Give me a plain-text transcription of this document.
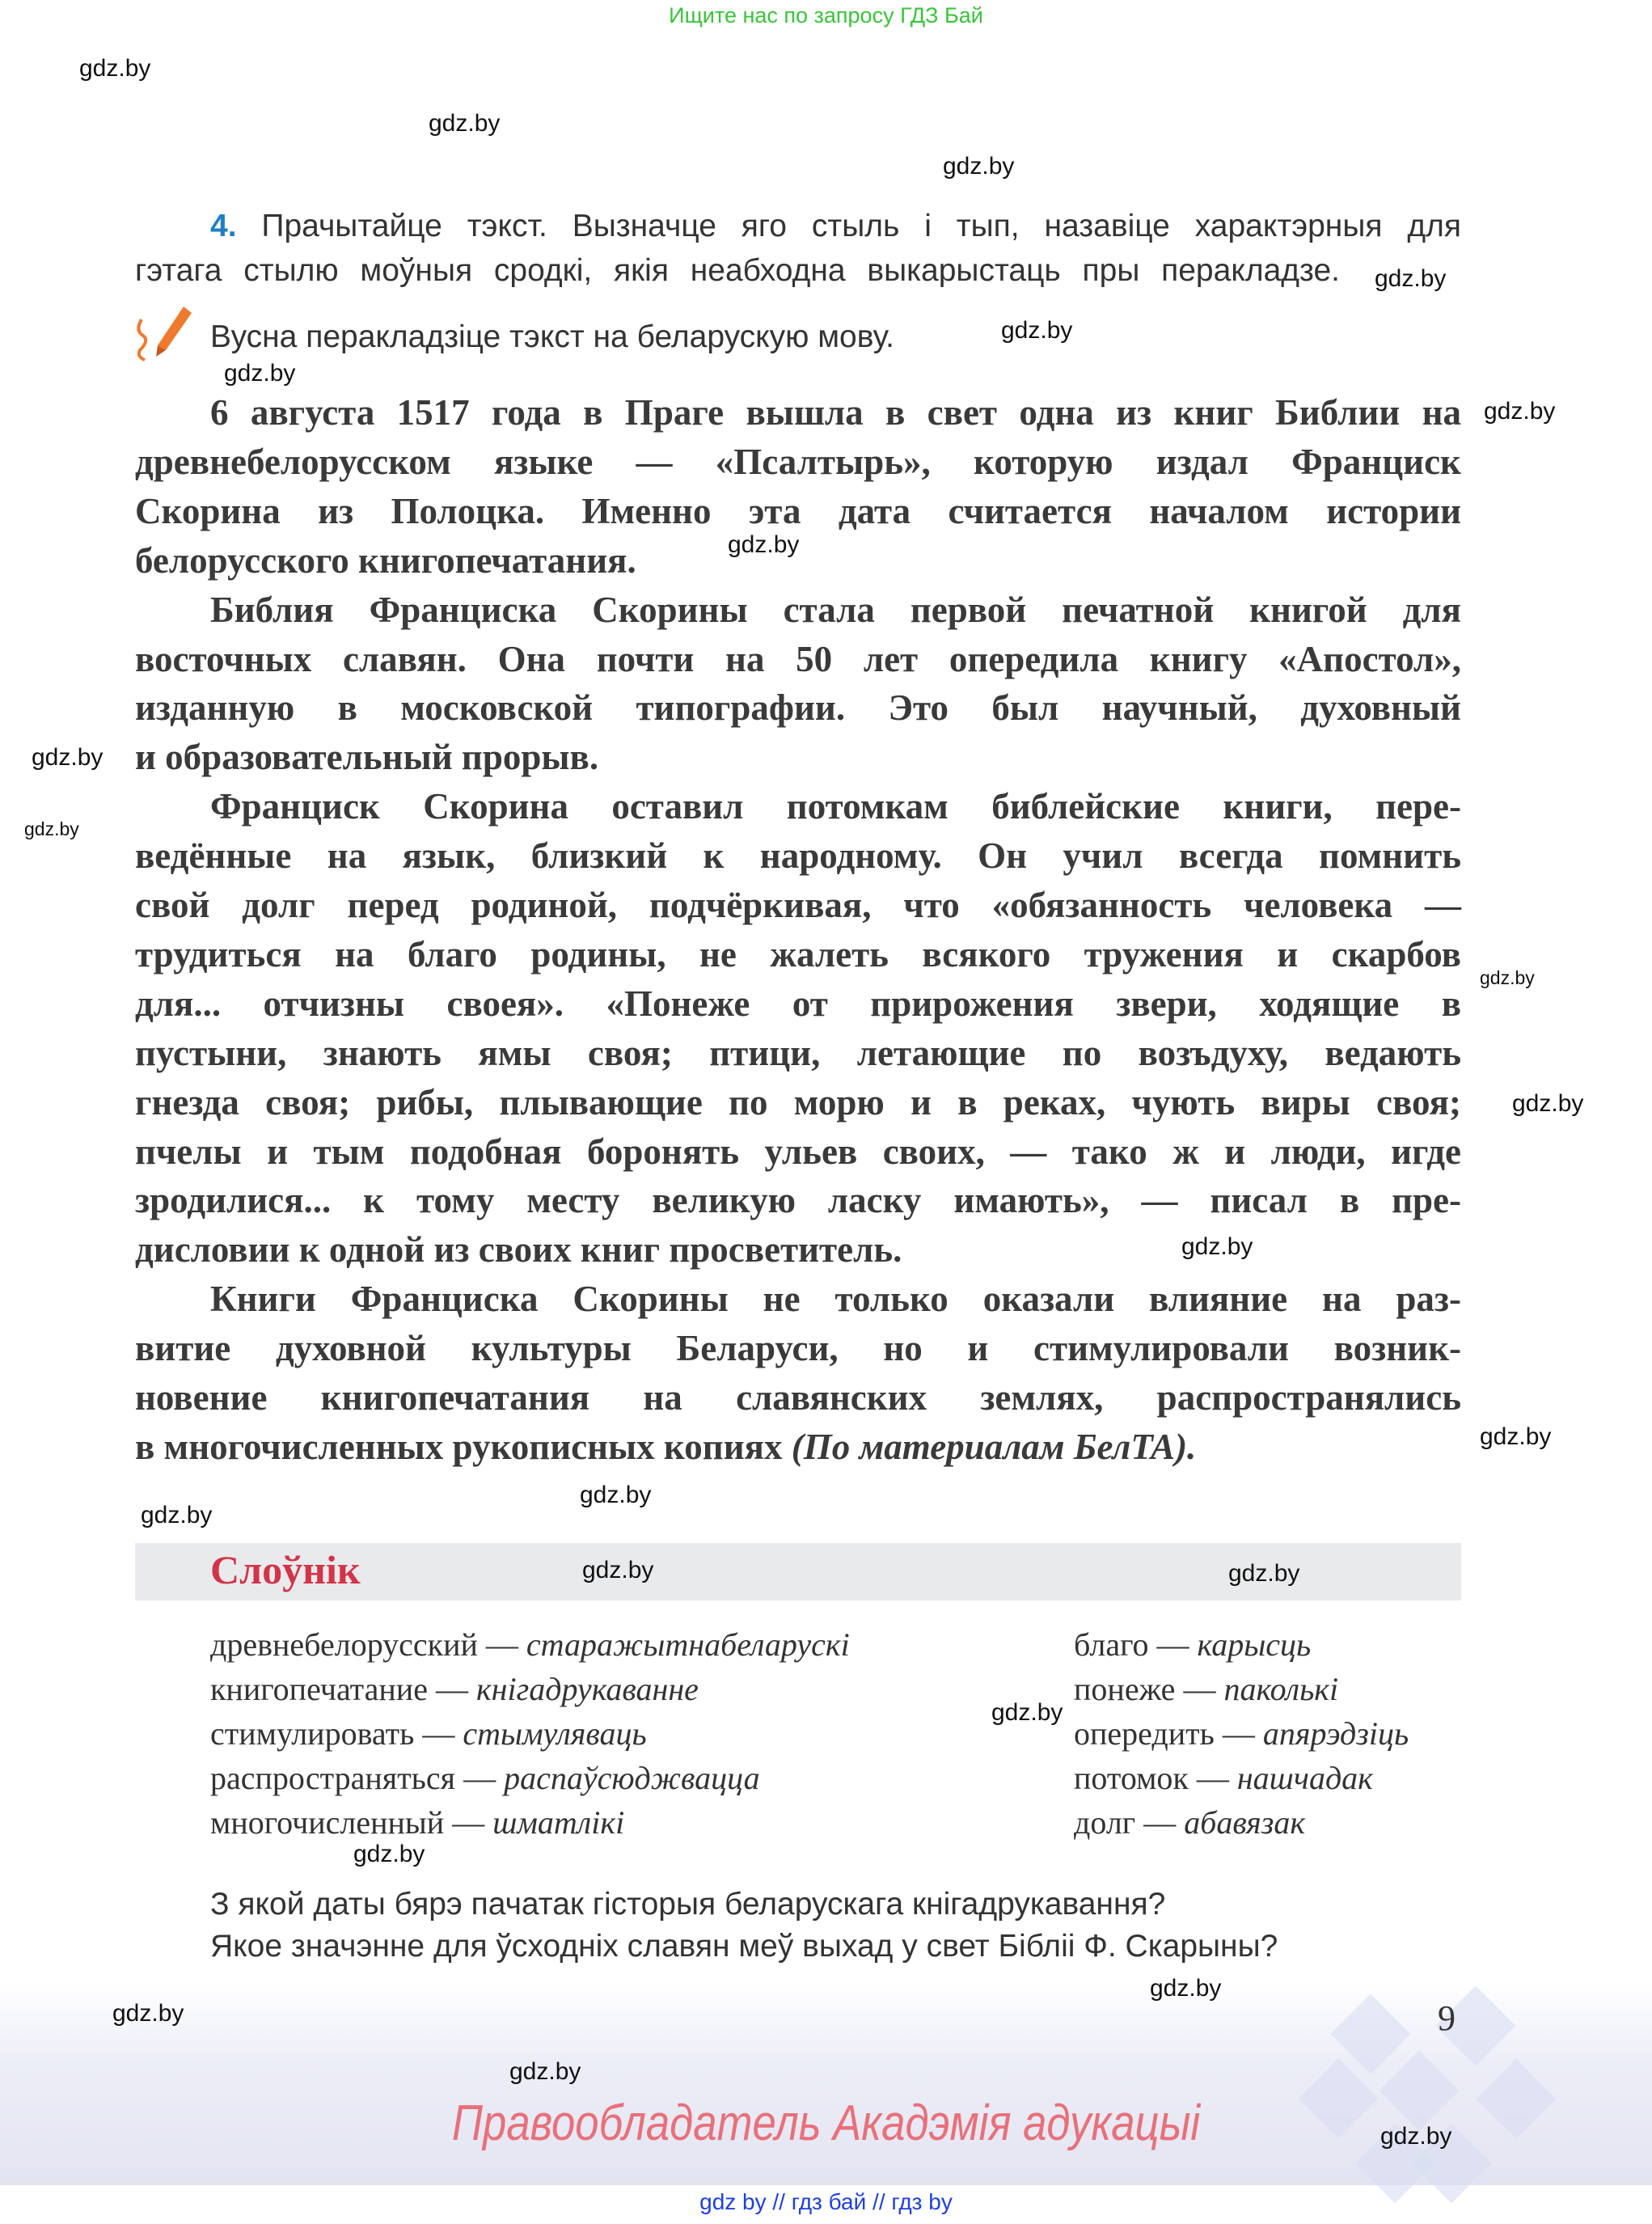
Ищите нас по запросу ГДЗ Бай
4. Прачытайце тэкст. Вызначце яго стыль і тып, назавіце характэрныя для
гэтага стылю моўныя сродкі, якія неабходна выкарыстаць пры перакладзе.
Вусна перакладзіце тэкст на беларускую мову.
6 августа 1517 года в Праге вышла в свет одна из книг Библии на
древнебелорусском языке — «Псалтырь», которую издал Франциск
Скорина из Полоцка. Именно эта дата считается началом истории
белорусского книгопечатания.
Библия Франциска Скорины стала первой печатной книгой для
восточных славян. Она почти на 50 лет опередила книгу «Апостол»,
изданную в московской типографии. Это был научный, духовный
и образовательный прорыв.
Франциск Скорина оставил потомкам библейские книги, пере-
ведённые на язык, близкий к народному. Он учил всегда помнить
свой долг перед родиной, подчёркивая, что «обязанность человека —
трудиться на благо родины, не жалеть всякого тружения и скарбов
для... отчизны своея». «Понеже от прирожения звери, ходящие в
пустыни, знають ямы своя; птици, летающие по возъдуху, ведають
гнезда своя; рибы, плывающие по морю и в реках, чують виры своя;
пчелы и тым подобная боронять ульев своих, — тако ж и люди, игде
зродилися... к тому месту великую ласку имають», — писал в пре-
дисловии к одной из своих книг просветитель.
Книги Франциска Скорины не только оказали влияние на раз-
витие духовной культуры Беларуси, но и стимулировали возник-
новение книгопечатания на славянских землях, распространялись
в многочисленных рукописных копиях (По материалам БелТА).
Слоўнік
древнебелорусский — старажытнабеларускі
книгопечатание — кнігадрукаванне
стимулировать — стымуляваць
распространяться — распаўсюджвацца
многочисленный — шматлікі
благо — карысць
понеже — паколькі
опередить — апярэдзіць
потомок — нашчадак
долг — абавязак
З якой даты бярэ пачатак гісторыя беларускага кнігадрукавання?
Якое значэнне для ўсходніх славян меў выхад у свет Бібліі Ф. Скарыны?
9
Правообладатель Акадэмія адукацыі
gdz by // гдз бай // гдз by
gdz.by
gdz.by
gdz.by
gdz.by
gdz.by
gdz.by
gdz.by
gdz.by
gdz.by
gdz.by
gdz.by
gdz.by
gdz.by
gdz.by
gdz.by
gdz.by
gdz.by
gdz.by
gdz.by
gdz.by
gdz.by
gdz.by
gdz.by
gdz.by
